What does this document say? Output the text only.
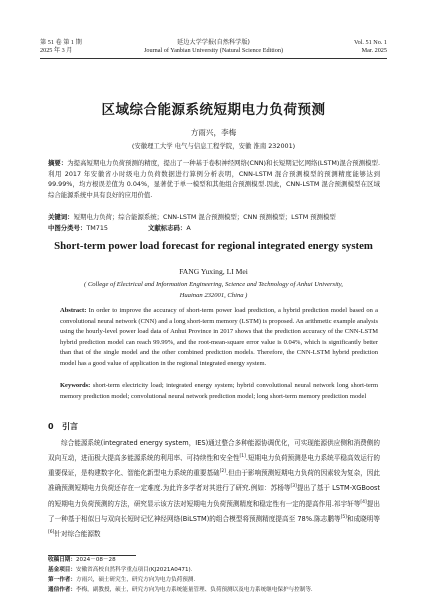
第 51 卷 第 1 期
2025 年 3 月
延边大学学报(自然科学版)
Journal of Yanbian University (Natural Science Edition)
Vol. 51 No. 1
Mar. 2025
区域综合能源系统短期电力负荷预测
方雨兴，李梅
(安徽理工大学 电气与信息工程学院，安徽 淮南 232001)
摘要：为提高短期电力负荷预测的精度，提出了一种基于卷积神经网络(CNN)和长短期记忆网络(LSTM)混合预测模型.利用 2017 年安徽省小时级电力负荷数据进行算例分析表明，CNN-LSTM 混合预测模型的预测精度能够达到 99.99%，均方根误差值为 0.04%，显著优于单一模型和其他组合预测模型.因此，CNN-LSTM 混合预测模型在区域综合能源系统中具有良好的应用价值.
关键词：短期电力负荷；综合能源系统；CNN-LSTM 混合预测模型；CNN 预测模型；LSTM 预测模型
中图分类号：TM715	文献标志码：A
Short-term power load forecast for regional integrated energy system
FANG Yuxing, LI Mei
( College of Electrical and Information Engineering, Science and Technology of Anhui University,
Huainan 232001, China )
Abstract: In order to improve the accuracy of short-term power load prediction, a hybrid prediction model based on a convolutional neural network (CNN) and a long short-term memory (LSTM) is proposed. An arithmetic example analysis using the hourly-level power load data of Anhui Province in 2017 shows that the prediction accuracy of the CNN-LSTM hybrid prediction model can reach 99.99%, and the root-mean-square error value is 0.04%, which is significantly better than that of the single model and the other combined prediction models. Therefore, the CNN-LSTM hybrid prediction model has a good value of application in the regional integrated energy system.
Keywords: short-term electricity load; integrated energy system; hybrid convolutional neural network long short-term memory prediction model; convolutional neural network prediction model; long short-term memory prediction model
0 引言
综合能源系统(integrated energy system，IES)通过整合多种能源协调优化，可实现能源供应侧和消费侧的双向互动，进而极大提高多能源系统的利用率、可持续性和安全性[1].短期电力负荷预测是电力系统平稳高效运行的重要保证，是构建数字化、智能化新型电力系统的重要基础[2].但由于影响预测短期电力负荷的因素较为复杂，因此准确预测短期电力负荷还存在一定难度.为此许多学者对其进行了研究.例如：苏杨等[3]提出了基于 LSTM-XGBoost 的短期电力负荷预测的方法，研究显示该方法对短期电力负荷预测精度和稳定性有一定的提高作用.祁宇轩等[4]提出了一种基于相似日与双向长短时记忆神经网络(BiLSTM)的组合模型将预测精度提高至 78%.陈志鹏等[5]和成晓明等[6]针对综合能源数
收稿日期：2024－08－28
基金项目：安徽省高校自然科学重点项目(KJ2021A0471).
第一作者：方雨兴，硕士研究生，研究方向为电力负荷预测.
通信作者：李梅，副教授，硕士，研究方向为电力系统能量管理、负荷预测以及电力系统继电保护与控制等.
